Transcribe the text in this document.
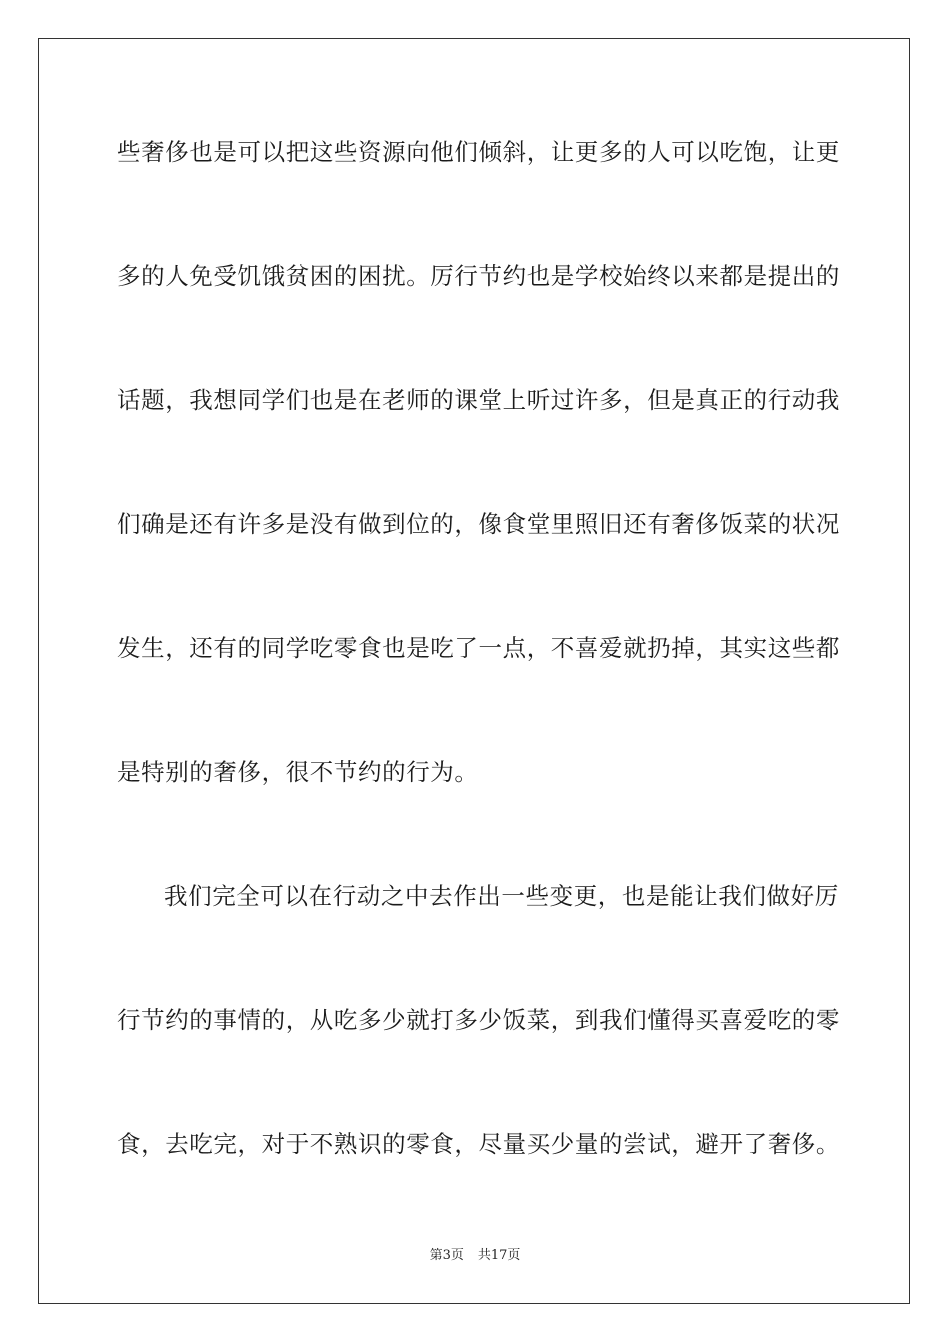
些奢侈也是可以把这些资源向他们倾斜，让更多的人可以吃饱，让更
多的人免受饥饿贫困的困扰。厉行节约也是学校始终以来都是提出的
话题，我想同学们也是在老师的课堂上听过许多，但是真正的行动我
们确是还有许多是没有做到位的，像食堂里照旧还有奢侈饭菜的状况
发生，还有的同学吃零食也是吃了一点，不喜爱就扔掉，其实这些都
是特别的奢侈，很不节约的行为。
我们完全可以在行动之中去作出一些变更，也是能让我们做好厉
行节约的事情的，从吃多少就打多少饭菜，到我们懂得买喜爱吃的零
食，去吃完，对于不熟识的零食，尽量买少量的尝试，避开了奢侈。
第3页 共17页
